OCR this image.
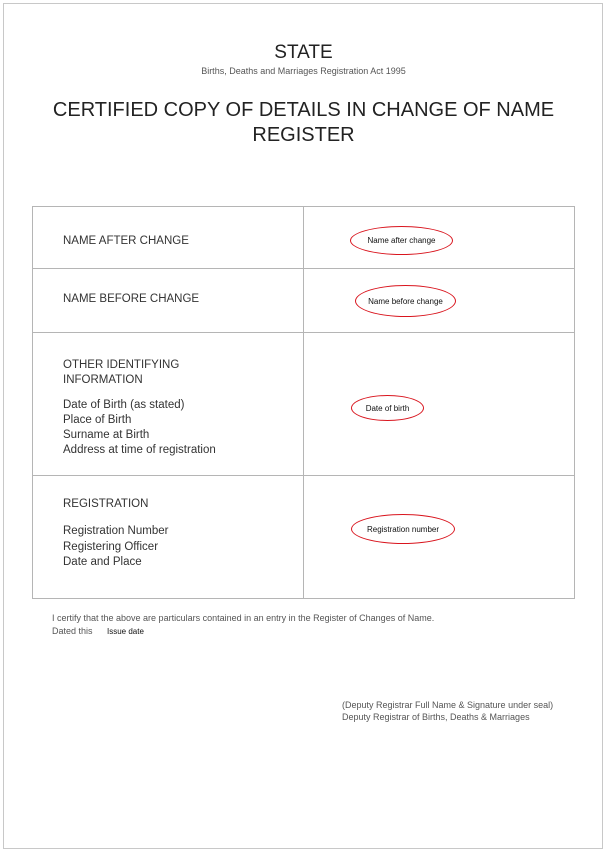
STATE
Births, Deaths and Marriages Registration Act 1995
CERTIFIED COPY OF DETAILS IN CHANGE OF NAME
REGISTER
NAME AFTER CHANGE	Name after change
NAME BEFORE CHANGE	Name before change
OTHER IDENTIFYING
INFORMATION
Date of Birth (as stated)
Place of Birth
Surname at Birth
Address at time of registration
Date of birth
REGISTRATION
Registration Number
Registering Officer
Date and Place
Registration number
I certify that the above are particulars contained in an entry in the Register of Changes of Name.
Dated this Issue date
(Deputy Registrar Full Name & Signature under seal)
Deputy Registrar of Births, Deaths & Marriages
